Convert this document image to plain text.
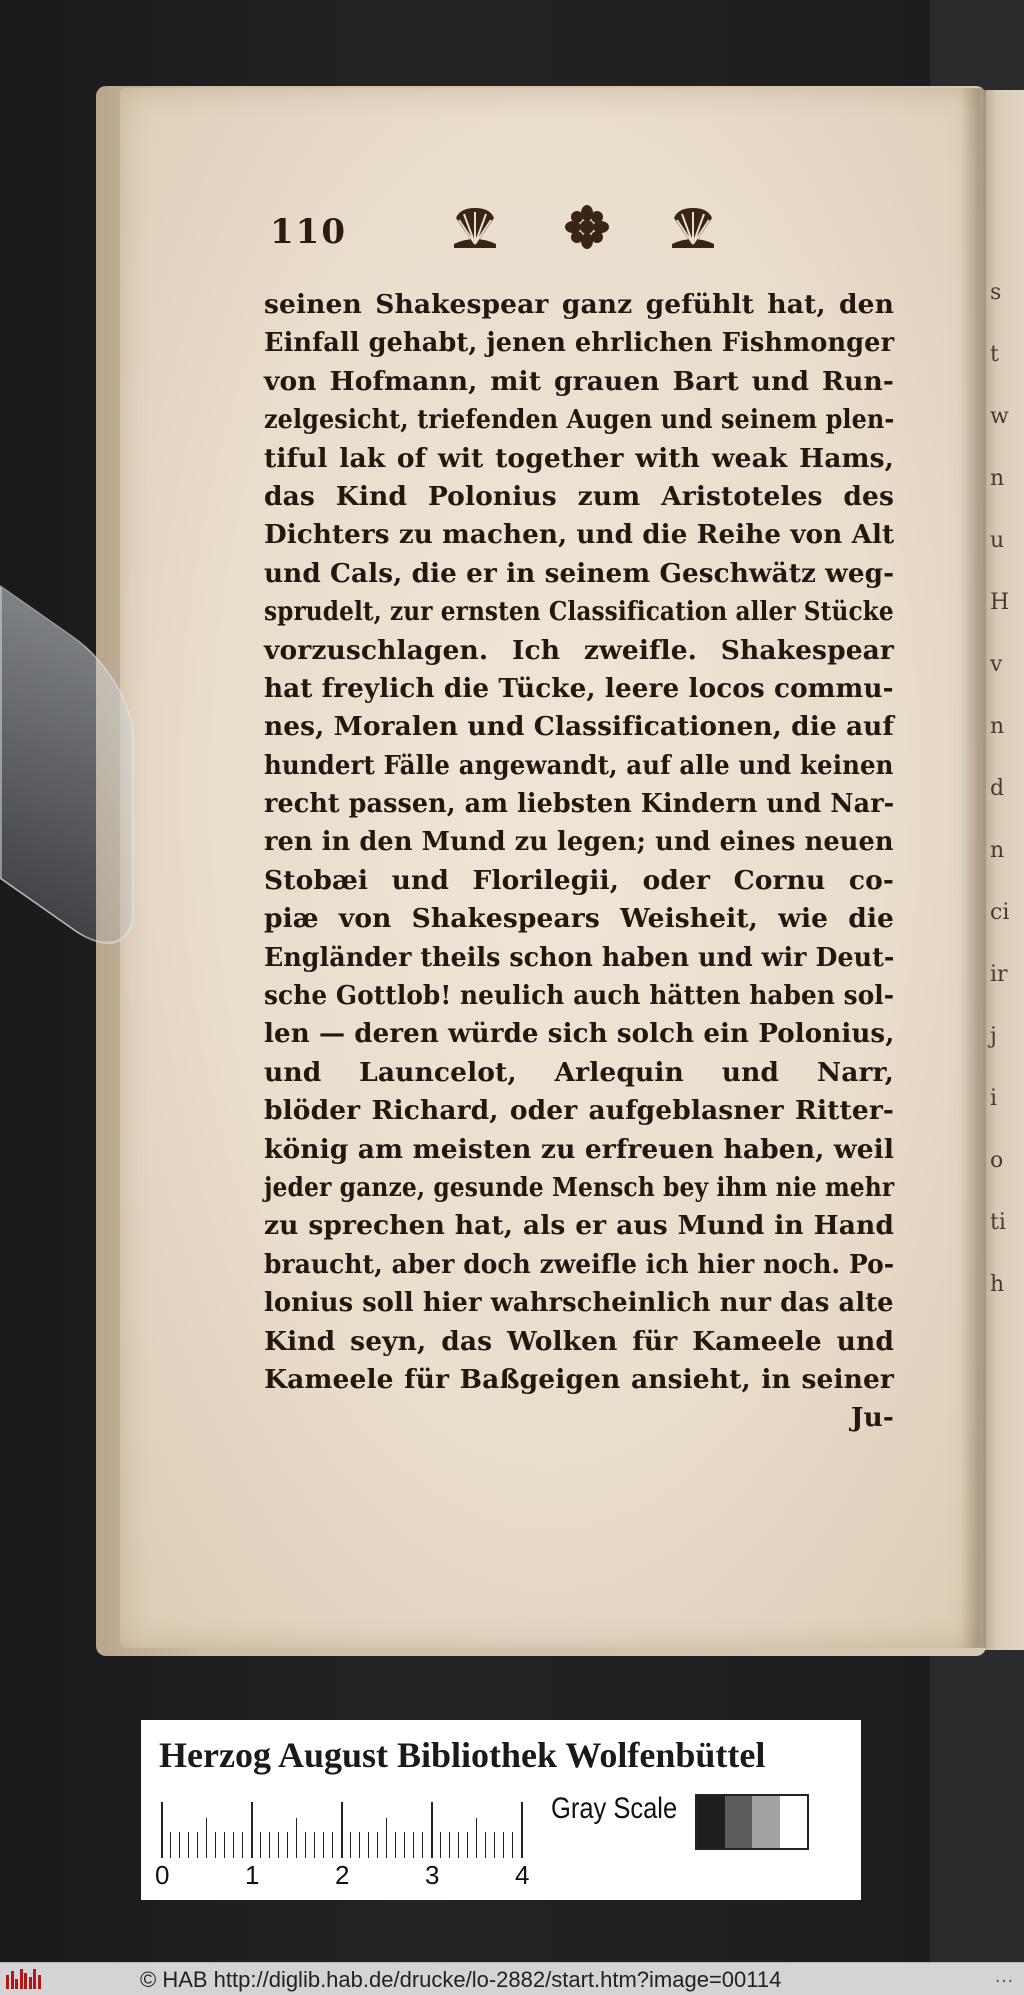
s
t
w
n
u
H
v
n
d
n
ci
ir
j
i
o
ti
h
110
seinen Shakespear ganz gefühlt hat, den
Einfall gehabt, jenen ehrlichen Fishmonger
von Hofmann, mit grauen Bart und Run-
zelgesicht, triefenden Augen und seinem plen-
tiful lak of wit together with weak Hams,
das Kind Polonius zum Aristoteles des
Dichters zu machen, und die Reihe von Alt
und Cals, die er in seinem Geschwätz weg-
sprudelt, zur ernsten Classification aller Stücke
vorzuschlagen. Ich zweifle. Shakespear
hat freylich die Tücke, leere locos commu-
nes, Moralen und Classificationen, die auf
hundert Fälle angewandt, auf alle und keinen
recht passen, am liebsten Kindern und Nar-
ren in den Mund zu legen; und eines neuen
Stobæi und Florilegii, oder Cornu co-
piæ von Shakespears Weisheit, wie die
Engländer theils schon haben und wir Deut-
sche Gottlob! neulich auch hätten haben sol-
len — deren würde sich solch ein Polonius,
und Launcelot, Arlequin und Narr,
blöder Richard, oder aufgeblasner Ritter-
könig am meisten zu erfreuen haben, weil
jeder ganze, gesunde Mensch bey ihm nie mehr
zu sprechen hat, als er aus Mund in Hand
braucht, aber doch zweifle ich hier noch. Po-
lonius soll hier wahrscheinlich nur das alte
Kind seyn, das Wolken für Kameele und
Kameele für Baßgeigen ansieht, in seiner
Ju-
Herzog August Bibliothek Wolfenbüttel
Gray Scale
0	1	2	3	4
© HAB http://diglib.hab.de/drucke/lo-2882/start.htm?image=00114	…
